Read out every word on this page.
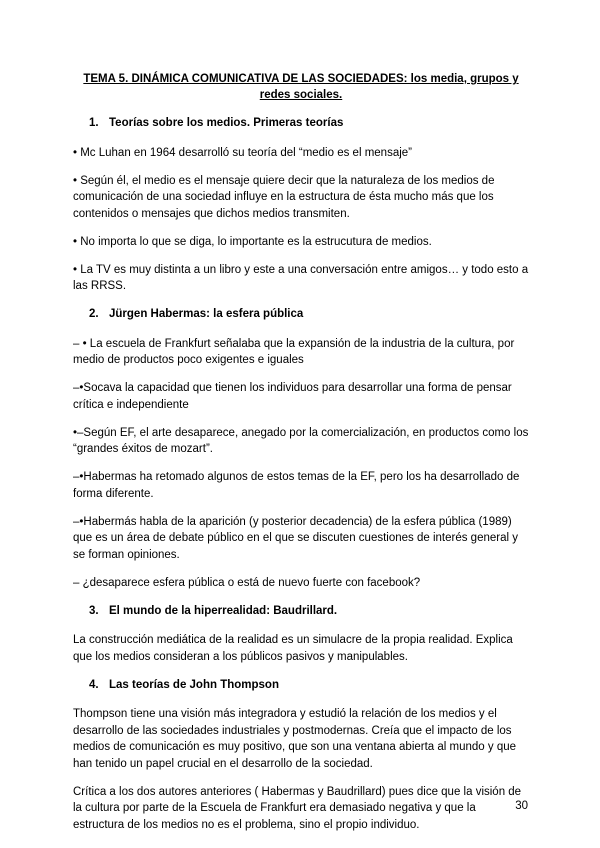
TEMA 5. DINÁMICA COMUNICATIVA DE LAS SOCIEDADES: los media, grupos y redes sociales.
1. Teorías sobre los medios. Primeras teorías

• Mc Luhan en 1964 desarrolló su teoría del “medio es el mensaje”

• Según él, el medio es el mensaje quiere decir que la naturaleza de los medios de comunicación de una sociedad influye en la estructura de ésta mucho más que los contenidos o mensajes que dichos medios transmiten.

• No importa lo que se diga, lo importante es la estrucutura de medios.

• La TV es muy distinta a un libro y este a una conversación entre amigos… y todo esto a las RRSS.

2. Jürgen Habermas: la esfera pública

– • La escuela de Frankfurt señalaba que la expansión de la industria de la cultura, por medio de productos poco exigentes e iguales

–•Socava la capacidad que tienen los individuos para desarrollar una forma de pensar crítica e independiente

•–Según EF, el arte desaparece, anegado por la comercialización, en productos como los “grandes éxitos de mozart”.

–•Habermas ha retomado algunos de estos temas de la EF, pero los ha desarrollado de forma diferente.

–•Habermás habla de la aparición (y posterior decadencia) de la esfera pública (1989) que es un área de debate público en el que se discuten cuestiones de interés general y se forman opiniones.

– ¿desaparece esfera pública o está de nuevo fuerte con facebook?

3. El mundo de la hiperrealidad: Baudrillard.

La construcción mediática de la realidad es un simulacre de la propia realidad. Explica que los medios consideran a los públicos pasivos y manipulables.

4. Las teorías de John Thompson

Thompson tiene una visión más integradora y estudió la relación de los medios y el desarrollo de las sociedades industriales y postmodernas. Creía que el impacto de los medios de comunicación es muy positivo, que son una ventana abierta al mundo y que han tenido un papel crucial en el desarrollo de la sociedad.

Crítica a los dos autores anteriores ( Habermas y Baudrillard) pues dice que la visión de la cultura por parte de la Escuela de Frankfurt era demasiado negativa y que la estructura de los medios no es el problema, sino el propio individuo.

30
